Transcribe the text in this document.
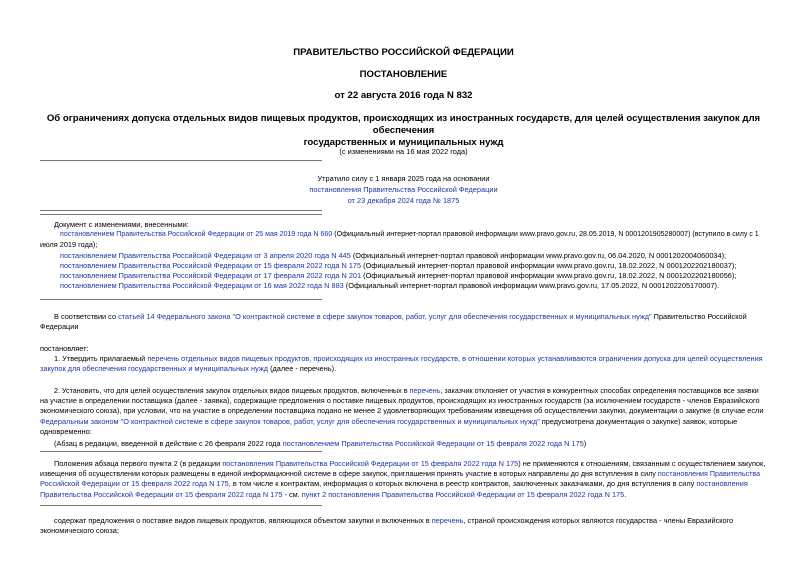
ПРАВИТЕЛЬСТВО РОССИЙСКОЙ ФЕДЕРАЦИИ
ПОСТАНОВЛЕНИЕ
от 22 августа 2016 года N 832
Об ограничениях допуска отдельных видов пищевых продуктов, происходящих из иностранных государств, для целей осуществления закупок для обеспечения
государственных и муниципальных нужд
(с изменениями на 16 мая 2022 года)
Утратило силу с 1 января 2025 года на основании
постановления Правительства Российской Федерации
от 23 декабря 2024 года № 1875
Документ с изменениями, внесенными:
постановлением Правительства Российской Федерации от 25 мая 2019 года N 660 (Официальный интернет-портал правовой информации www.pravo.gov.ru, 28.05.2019, N 0001201905280007) (вступило в силу с 1
июля 2019 года);
постановлением Правительства Российской Федерации от 3 апреля 2020 года N 445 (Официальный интернет-портал правовой информации www.pravo.gov.ru, 06.04.2020, N 0001202004060034);
постановлением Правительства Российской Федерации от 15 февраля 2022 года N 175 (Официальный интернет-портал правовой информации www.pravo.gov.ru, 18.02.2022, N 0001202202180037);
постановлением Правительства Российской Федерации от 17 февраля 2022 года N 201 (Официальный интернет-портал правовой информации www.pravo.gov.ru, 18.02.2022, N 0001202202180056);
постановлением Правительства Российской Федерации от 16 мая 2022 года N 883 (Официальный интернет-портал правовой информации www.pravo.gov.ru, 17.05.2022, N 0001202205170007).
В соответствии со статьей 14 Федерального закона "О контрактной системе в сфере закупок товаров, работ, услуг для обеспечения государственных и муниципальных нужд" Правительство Российской
Федерации
постановляет:
1. Утвердить прилагаемый перечень отдельных видов пищевых продуктов, происходящих из иностранных государств, в отношении которых устанавливаются ограничения допуска для целей осуществления
закупок для обеспечения государственных и муниципальных нужд (далее - перечень).
2. Установить, что для целей осуществления закупок отдельных видов пищевых продуктов, включенных в перечень, заказчик отклоняет от участия в конкурентных способах определения поставщиков все заявки
на участие в определении поставщика (далее - заявка), содержащие предложения о поставке пищевых продуктов, происходящих из иностранных государств (за исключением государств - членов Евразийского
экономического союза), при условии, что на участие в определении поставщика подано не менее 2 удовлетворяющих требованиям извещения об осуществлении закупки, документации о закупке (в случае если
Федеральным законом "О контрактной системе в сфере закупок товаров, работ, услуг для обеспечения государственных и муниципальных нужд" предусмотрена документация о закупке) заявок, которые
одновременно:
(Абзац в редакции, введенной в действие с 26 февраля 2022 года постановлением Правительства Российской Федерации от 15 февраля 2022 года N 175)
Положения абзаца первого пункта 2 (в редакции постановления Правительства Российской Федерации от 15 февраля 2022 года N 175) не применяются к отношениям, связанным с осуществлением закупок,
извещения об осуществлении которых размещены в единой информационной системе в сфере закупок, приглашения принять участие в которых направлены до дня вступления в силу постановления Правительства
Российской Федерации от 15 февраля 2022 года N 175, в том числе к контрактам, информация о которых включена в реестр контрактов, заключенных заказчиками, до дня вступления в силу постановления
Правительства Российской Федерации от 15 февраля 2022 года N 175 - см. пункт 2 постановления Правительства Российской Федерации от 15 февраля 2022 года N 175.
содержат предложения о поставке видов пищевых продуктов, являющихся объектом закупки и включенных в перечень, страной происхождения которых являются государства - члены Евразийского
экономического союза;
